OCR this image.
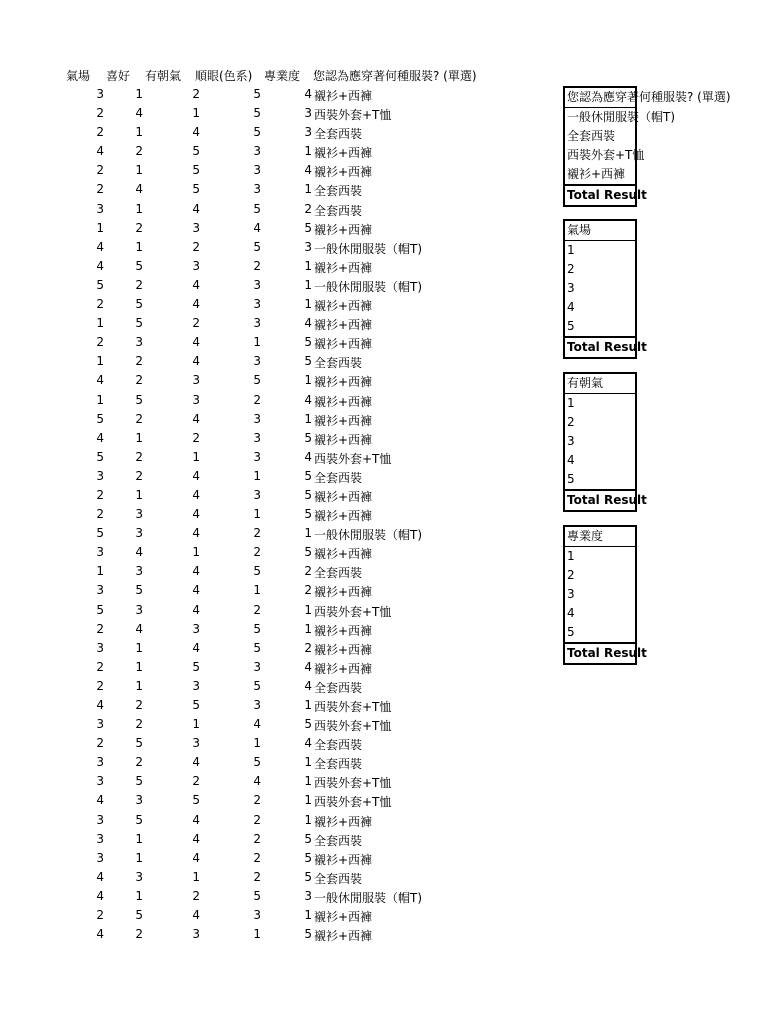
氣場 喜好 有朝氣 順眼(色系) 專業度 您認為應穿著何種服裝? (單選)
3	1	2	5	4 襯衫+西褲
2	4	1	5	3 西裝外套+T恤
2	1	4	5	3 全套西裝
4	2	5	3	1 襯衫+西褲
2	1	5	3	4 襯衫+西褲
2	4	5	3	1 全套西裝
3	1	4	5	2 全套西裝
1	2	3	4	5 襯衫+西褲
4	1	2	5	3 一般休閒服裝（帽T)
4	5	3	2	1 襯衫+西褲
5	2	4	3	1 一般休閒服裝（帽T)
2	5	4	3	1 襯衫+西褲
1	5	2	3	4 襯衫+西褲
2	3	4	1	5 襯衫+西褲
1	2	4	3	5 全套西裝
4	2	3	5	1 襯衫+西褲
1	5	3	2	4 襯衫+西褲
5	2	4	3	1 襯衫+西褲
4	1	2	3	5 襯衫+西褲
5	2	1	3	4 西裝外套+T恤
3	2	4	1	5 全套西裝
2	1	4	3	5 襯衫+西褲
2	3	4	1	5 襯衫+西褲
5	3	4	2	1 一般休閒服裝（帽T)
3	4	1	2	5 襯衫+西褲
1	3	4	5	2 全套西裝
3	5	4	1	2 襯衫+西褲
5	3	4	2	1 西裝外套+T恤
2	4	3	5	1 襯衫+西褲
3	1	4	5	2 襯衫+西褲
2	1	5	3	4 襯衫+西褲
2	1	3	5	4 全套西裝
4	2	5	3	1 西裝外套+T恤
3	2	1	4	5 西裝外套+T恤
2	5	3	1	4 全套西裝
3	2	4	5	1 全套西裝
3	5	2	4	1 西裝外套+T恤
4	3	5	2	1 西裝外套+T恤
3	5	4	2	1 襯衫+西褲
3	1	4	2	5 全套西裝
3	1	4	2	5 襯衫+西褲
4	3	1	2	5 全套西裝
4	1	2	5	3 一般休閒服裝（帽T)
2	5	4	3	1 襯衫+西褲
4	2	3	1	5 襯衫+西褲
您認為應穿著何種服裝? (單選)
一般休閒服裝（帽T)
全套西裝
西裝外套+T恤
襯衫+西褲
Total Result
氣場
1
2
3
4
5
Total Result
有朝氣
1
2
3
4
5
Total Result
專業度
1
2
3
4
5
Total Result
